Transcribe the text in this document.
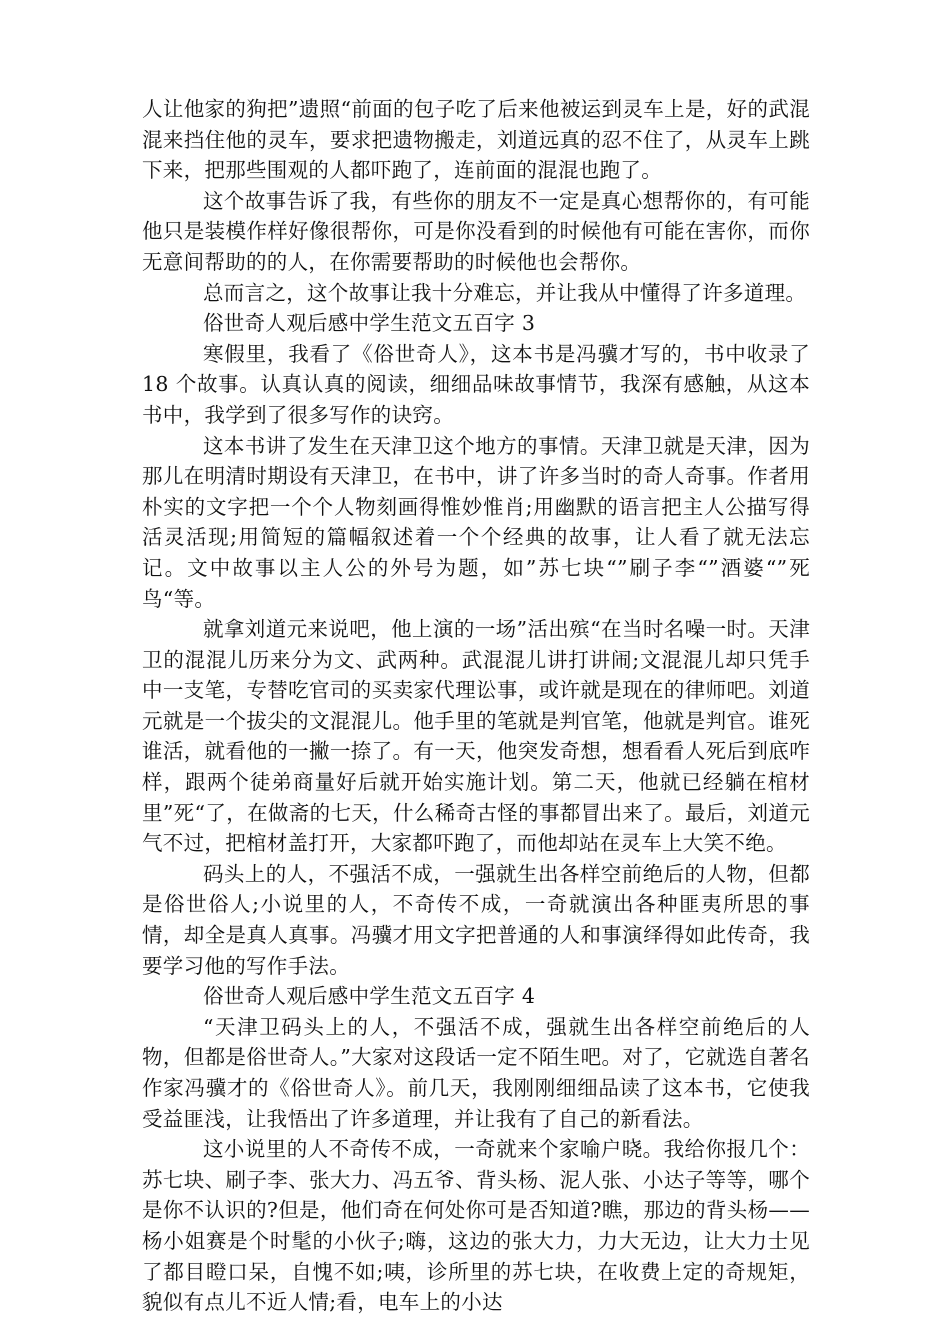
人让他家的狗把”遗照“前面的包子吃了后来他被运到灵车上是，好的武混混来挡住他的灵车，要求把遗物搬走，刘道远真的忍不住了，从灵车上跳下来，把那些围观的人都吓跑了，连前面的混混也跑了。

这个故事告诉了我，有些你的朋友不一定是真心想帮你的，有可能他只是装模作样好像很帮你，可是你没看到的时候他有可能在害你，而你无意间帮助的的人，在你需要帮助的时候他也会帮你。

总而言之，这个故事让我十分难忘，并让我从中懂得了许多道理。

俗世奇人观后感中学生范文五百字 3

寒假里，我看了《俗世奇人》，这本书是冯骥才写的，书中收录了 18 个故事。认真认真的阅读，细细品味故事情节，我深有感触，从这本书中，我学到了很多写作的诀窍。

这本书讲了发生在天津卫这个地方的事情。天津卫就是天津，因为那儿在明清时期设有天津卫，在书中，讲了许多当时的奇人奇事。作者用朴实的文字把一个个人物刻画得惟妙惟肖;用幽默的语言把主人公描写得活灵活现;用简短的篇幅叙述着一个个经典的故事，让人看了就无法忘记。文中故事以主人公的外号为题，如”苏七块“”刷子李“”酒婆“”死鸟“等。

就拿刘道元来说吧，他上演的一场”活出殡“在当时名噪一时。天津卫的混混儿历来分为文、武两种。武混混儿讲打讲闹;文混混儿却只凭手中一支笔，专替吃官司的买卖家代理讼事，或许就是现在的律师吧。刘道元就是一个拔尖的文混混儿。他手里的笔就是判官笔，他就是判官。谁死谁活，就看他的一撇一捺了。有一天，他突发奇想，想看看人死后到底咋样，跟两个徒弟商量好后就开始实施计划。第二天，他就已经躺在棺材里”死“了，在做斋的七天，什么稀奇古怪的事都冒出来了。最后，刘道元气不过，把棺材盖打开，大家都吓跑了，而他却站在灵车上大笑不绝。

码头上的人，不强活不成，一强就生出各样空前绝后的人物，但都是俗世俗人;小说里的人，不奇传不成，一奇就演出各种匪夷所思的事情，却全是真人真事。冯骥才用文字把普通的人和事演绎得如此传奇，我要学习他的写作手法。

俗世奇人观后感中学生范文五百字 4

“天津卫码头上的人，不强活不成，强就生出各样空前绝后的人物，但都是俗世奇人。”大家对这段话一定不陌生吧。对了，它就选自著名作家冯骥才的《俗世奇人》。前几天，我刚刚细细品读了这本书，它使我受益匪浅，让我悟出了许多道理，并让我有了自己的新看法。

这小说里的人不奇传不成，一奇就来个家喻户晓。我给你报几个：苏七块、刷子李、张大力、冯五爷、背头杨、泥人张、小达子等等，哪个是你不认识的?但是，他们奇在何处你可是否知道?瞧，那边的背头杨——杨小姐赛是个时髦的小伙子;嗨，这边的张大力，力大无边，让大力士见了都目瞪口呆，自愧不如;咦，诊所里的苏七块，在收费上定的奇规矩，貌似有点儿不近人情;看，电车上的小达
